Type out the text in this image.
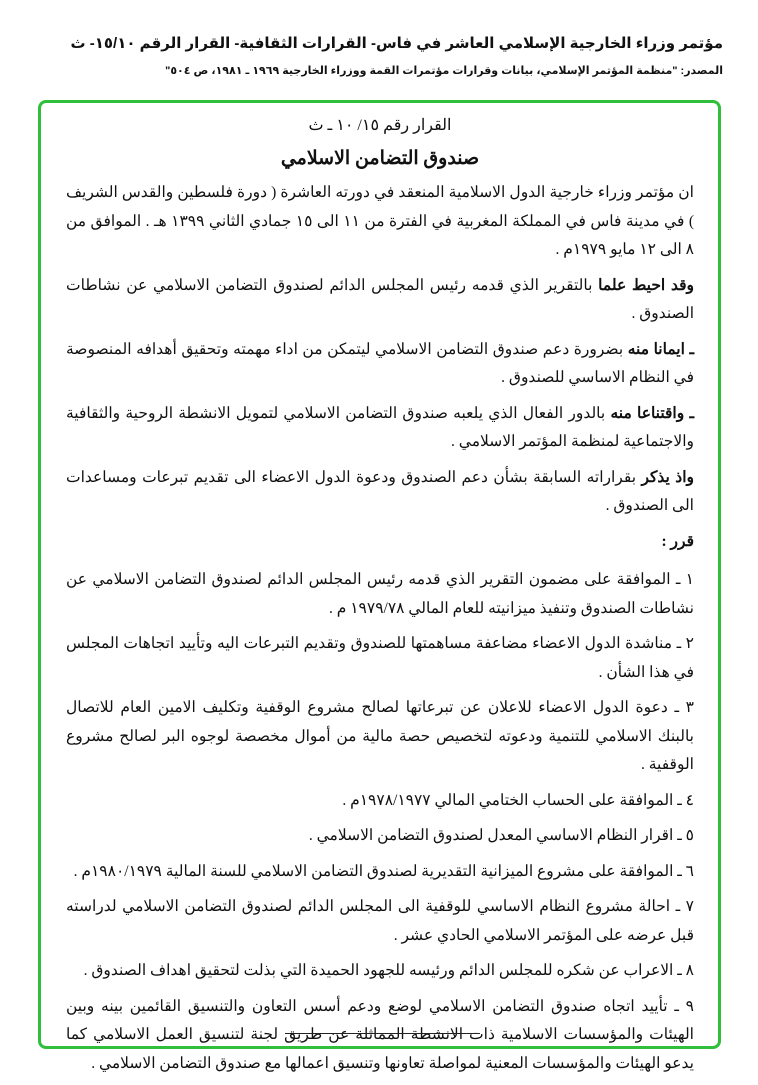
مؤتمر وزراء الخارجية الإسلامي العاشر في فاس- القرارات الثقافية- القرار الرقم ١٥/١٠- ث
المصدر: "منظمة المؤتمر الإسلامي، بيانات وقرارات مؤتمرات القمة ووزراء الخارجية ١٩٦٩ ـ ١٩٨١، ص ٥٠٤"

القرار رقم ١٥/ ١٠ ـ ث

صندوق التضامن الاسلامي

ان مؤتمر وزراء خارجية الدول الاسلامية المنعقد في دورته العاشرة ( دورة فلسطين والقدس الشريف ) في مدينة فاس في المملكة المغربية في الفترة من ١١ الى ١٥ جمادي الثاني ١٣٩٩ هـ . الموافق من ٨ الى ١٢ مايو ١٩٧٩م .

وقد احيط علما بالتقرير الذي قدمه رئيس المجلس الدائم لصندوق التضامن الاسلامي عن نشاطات الصندوق .

ـ ايمانا منه بضرورة دعم صندوق التضامن الاسلامي ليتمكن من اداء مهمته وتحقيق أهدافه المنصوصة في النظام الاساسي للصندوق .

ـ واقتناعا منه بالدور الفعال الذي يلعبه صندوق التضامن الاسلامي لتمويل الانشطة الروحية والثقافية والاجتماعية لمنظمة المؤتمر الاسلامي .

واذ يذكر بقراراته السابقة بشأن دعم الصندوق ودعوة الدول الاعضاء الى تقديم تبرعات ومساعدات الى الصندوق .

قرر :

١ ـ الموافقة على مضمون التقرير الذي قدمه رئيس المجلس الدائم لصندوق التضامن الاسلامي عن نشاطات الصندوق وتنفيذ ميزانيته للعام المالي ١٩٧٩/٧٨ م .

٢ ـ مناشدة الدول الاعضاء مضاعفة مساهمتها للصندوق وتقديم التبرعات اليه وتأييد اتجاهات المجلس في هذا الشأن .

٣ ـ دعوة الدول الاعضاء للاعلان عن تبرعاتها لصالح مشروع الوقفية وتكليف الامين العام للاتصال بالبنك الاسلامي للتنمية ودعوته لتخصيص حصة مالية من أموال مخصصة لوجوه البر لصالح مشروع الوقفية .

٤ ـ الموافقة على الحساب الختامي المالي ١٩٧٨/١٩٧٧م .

٥ ـ اقرار النظام الاساسي المعدل لصندوق التضامن الاسلامي .

٦ ـ الموافقة على مشروع الميزانية التقديرية لصندوق التضامن الاسلامي للسنة المالية ١٩٨٠/١٩٧٩م .

٧ ـ احالة مشروع النظام الاساسي للوقفية الى المجلس الدائم لصندوق التضامن الاسلامي لدراسته قبل عرضه على المؤتمر الاسلامي الحادي عشر .

٨ ـ الاعراب عن شكره للمجلس الدائم ورئيسه للجهود الحميدة التي بذلت لتحقيق اهداف الصندوق .

٩ ـ تأييد اتجاه صندوق التضامن الاسلامي لوضع ودعم أسس التعاون والتنسيق القائمين بينه وبين الهيئات والمؤسسات الاسلامية ذات الانشطة المماثلة عن طريق لجنة لتنسيق العمل الاسلامي كما يدعو الهيئات والمؤسسات المعنية لمواصلة تعاونها وتنسيق اعمالها مع صندوق التضامن الاسلامي .
